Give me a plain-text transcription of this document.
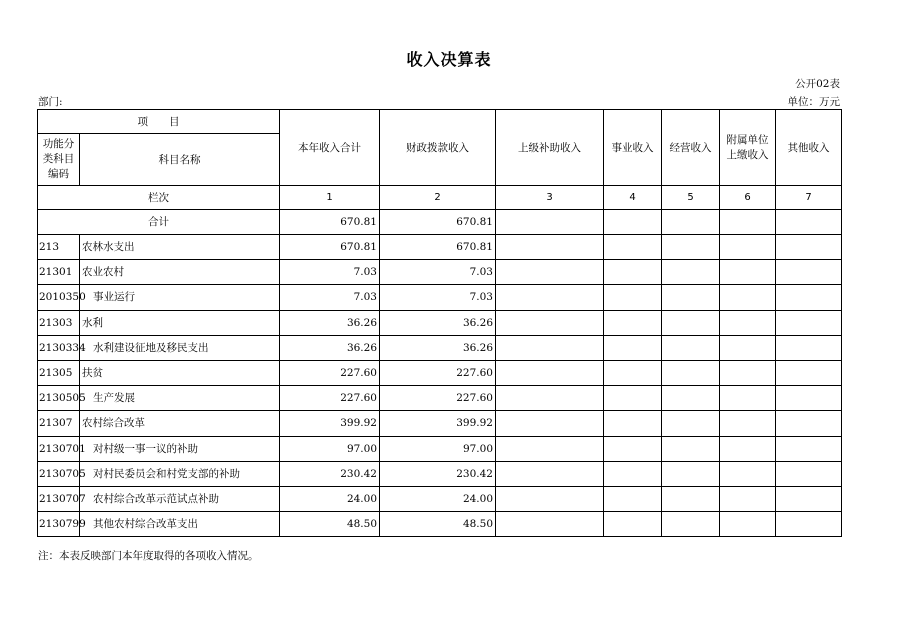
收入决算表
公开02表
部门:	单位：万元
项　　目		本年收入合计	财政拨款收入	上级补助收入	事业收入	经营收入	附属单位上缴收入	其他收入
功能分类科目编码	科目名称							
栏次		1	2	3	4	5	6	7
合计		670.81	670.81					
213	农林水支出	670.81	670.81					
21301	农业农村	7.03	7.03					
2010350	事业运行	7.03	7.03					
21303	水利	36.26	36.26					
2130334	水利建设征地及移民支出	36.26	36.26					
21305	扶贫	227.60	227.60					
2130505	生产发展	227.60	227.60					
21307	农村综合改革	399.92	399.92					
2130701	对村级一事一议的补助	97.00	97.00					
2130705	对村民委员会和村党支部的补助	230.42	230.42					
2130707	农村综合改革示范试点补助	24.00	24.00					
2130799	其他农村综合改革支出	48.50	48.50					
注：本表反映部门本年度取得的各项收入情况。
